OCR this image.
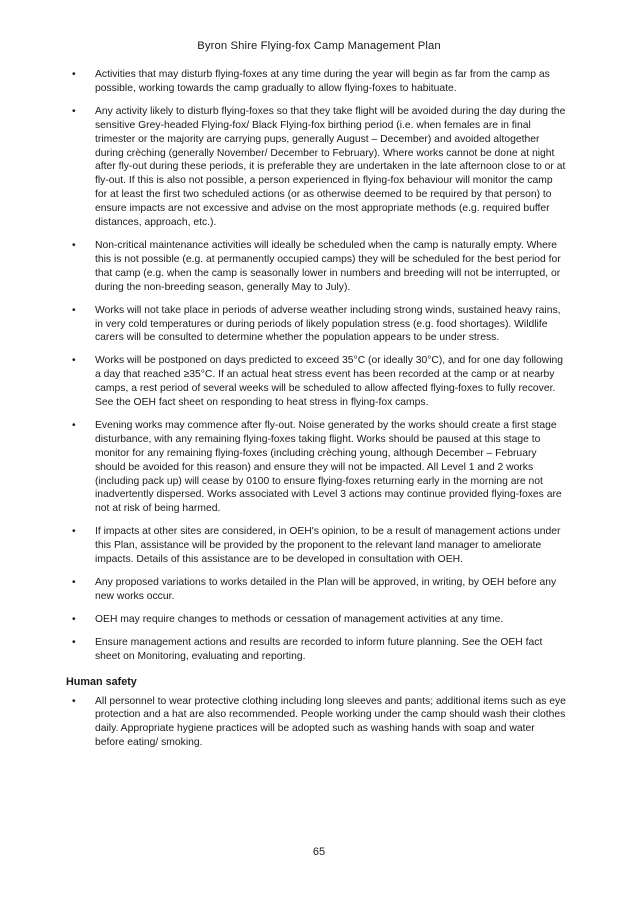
Byron Shire Flying-fox Camp Management Plan
• Activities that may disturb flying-foxes at any time during the year will begin as far from the camp as possible, working towards the camp gradually to allow flying-foxes to habituate.
• Any activity likely to disturb flying-foxes so that they take flight will be avoided during the day during the sensitive Grey-headed Flying-fox/ Black Flying-fox birthing period (i.e. when females are in final trimester or the majority are carrying pups, generally August – December) and avoided altogether during crèching (generally November/ December to February). Where works cannot be done at night after fly-out during these periods, it is preferable they are undertaken in the late afternoon close to or at fly-out. If this is also not possible, a person experienced in flying-fox behaviour will monitor the camp for at least the first two scheduled actions (or as otherwise deemed to be required by that person) to ensure impacts are not excessive and advise on the most appropriate methods (e.g. required buffer distances, approach, etc.).
• Non-critical maintenance activities will ideally be scheduled when the camp is naturally empty. Where this is not possible (e.g. at permanently occupied camps) they will be scheduled for the best period for that camp (e.g. when the camp is seasonally lower in numbers and breeding will not be interrupted, or during the non-breeding season, generally May to July).
• Works will not take place in periods of adverse weather including strong winds, sustained heavy rains, in very cold temperatures or during periods of likely population stress (e.g. food shortages). Wildlife carers will be consulted to determine whether the population appears to be under stress.
• Works will be postponed on days predicted to exceed 35°C (or ideally 30°C), and for one day following a day that reached ≥35°C. If an actual heat stress event has been recorded at the camp or at nearby camps, a rest period of several weeks will be scheduled to allow affected flying-foxes to fully recover. See the OEH fact sheet on responding to heat stress in flying-fox camps.
• Evening works may commence after fly-out. Noise generated by the works should create a first stage disturbance, with any remaining flying-foxes taking flight. Works should be paused at this stage to monitor for any remaining flying-foxes (including crèching young, although December – February should be avoided for this reason) and ensure they will not be impacted. All Level 1 and 2 works (including pack up) will cease by 0100 to ensure flying-foxes returning early in the morning are not inadvertently dispersed. Works associated with Level 3 actions may continue provided flying-foxes are not at risk of being harmed.
• If impacts at other sites are considered, in OEH's opinion, to be a result of management actions under this Plan, assistance will be provided by the proponent to the relevant land manager to ameliorate impacts. Details of this assistance are to be developed in consultation with OEH.
• Any proposed variations to works detailed in the Plan will be approved, in writing, by OEH before any new works occur.
• OEH may require changes to methods or cessation of management activities at any time.
• Ensure management actions and results are recorded to inform future planning. See the OEH fact sheet on Monitoring, evaluating and reporting.
Human safety
• All personnel to wear protective clothing including long sleeves and pants; additional items such as eye protection and a hat are also recommended. People working under the camp should wash their clothes daily. Appropriate hygiene practices will be adopted such as washing hands with soap and water before eating/ smoking.
65
